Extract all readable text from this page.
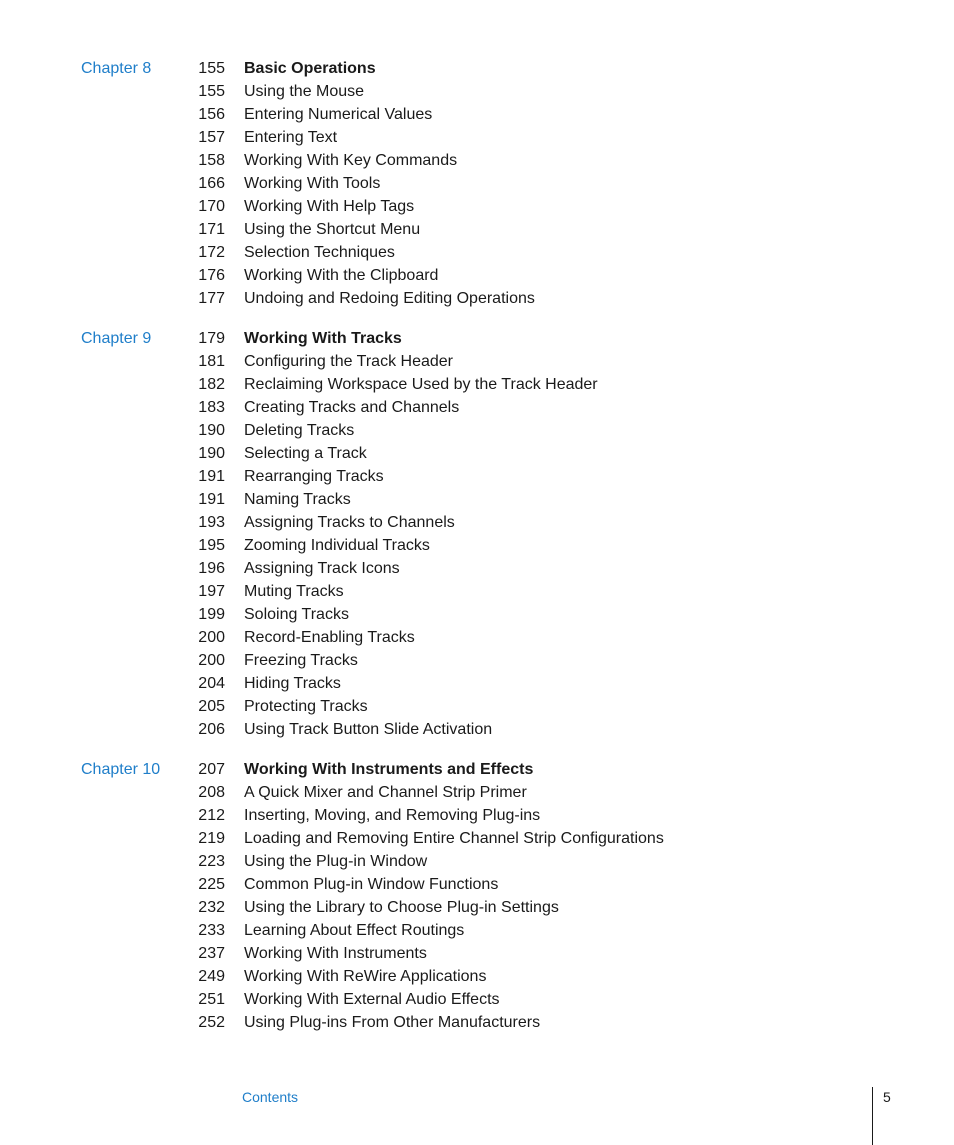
Chapter 8	155 Basic Operations
155 Using the Mouse
156 Entering Numerical Values
157 Entering Text
158 Working With Key Commands
166 Working With Tools
170 Working With Help Tags
171 Using the Shortcut Menu
172 Selection Techniques
176 Working With the Clipboard
177 Undoing and Redoing Editing Operations
Chapter 9	179 Working With Tracks
181 Configuring the Track Header
182 Reclaiming Workspace Used by the Track Header
183 Creating Tracks and Channels
190 Deleting Tracks
190 Selecting a Track
191 Rearranging Tracks
191 Naming Tracks
193 Assigning Tracks to Channels
195 Zooming Individual Tracks
196 Assigning Track Icons
197 Muting Tracks
199 Soloing Tracks
200 Record-Enabling Tracks
200 Freezing Tracks
204 Hiding Tracks
205 Protecting Tracks
206 Using Track Button Slide Activation
Chapter 10	207 Working With Instruments and Effects
208 A Quick Mixer and Channel Strip Primer
212 Inserting, Moving, and Removing Plug-ins
219 Loading and Removing Entire Channel Strip Configurations
223 Using the Plug-in Window
225 Common Plug-in Window Functions
232 Using the Library to Choose Plug-in Settings
233 Learning About Effect Routings
237 Working With Instruments
249 Working With ReWire Applications
251 Working With External Audio Effects
252 Using Plug-ins From Other Manufacturers
Contents	5
